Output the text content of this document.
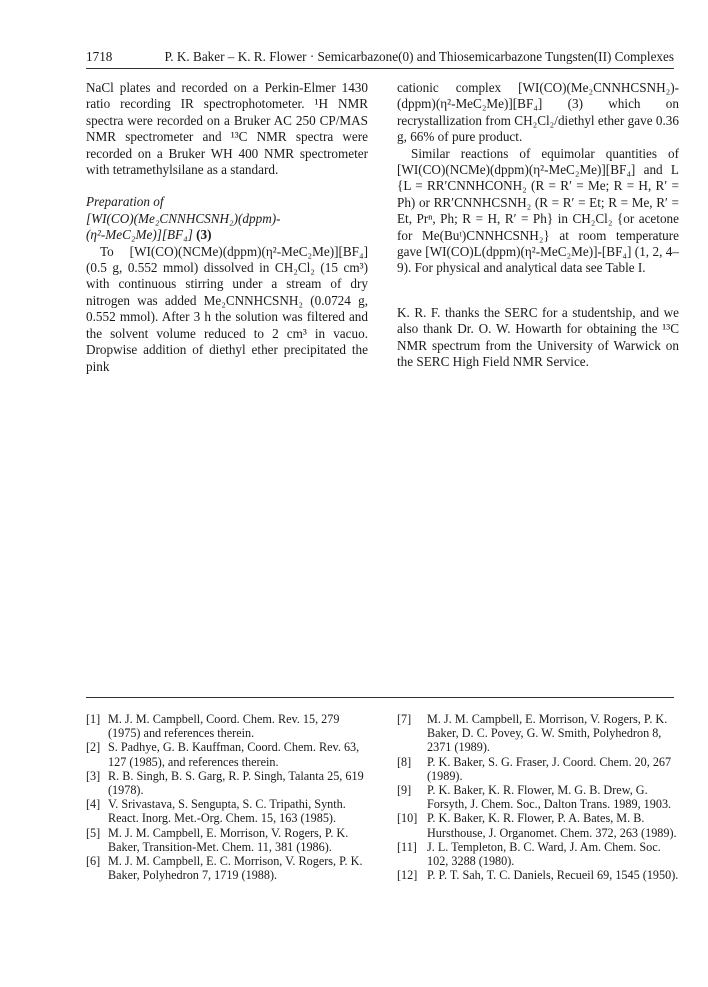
1718	P. K. Baker – K. R. Flower · Semicarbazone(0) and Thiosemicarbazone Tungsten(II) Complexes

NaCl plates and recorded on a Perkin-Elmer 1430 ratio recording IR spectrophotometer. ¹H NMR spectra were recorded on a Bruker AC 250 CP/MAS NMR spectrometer and ¹³C NMR spectra were recorded on a Bruker WH 400 NMR spectrometer with tetramethylsilane as a standard.

Preparation of
[WI(CO)(Me₂CNNHCSNH₂)(dppm)-
(η²-MeC₂Me)][BF₄] (3)

To [WI(CO)(NCMe)(dppm)(η²-MeC₂Me)][BF₄] (0.5 g, 0.552 mmol) dissolved in CH₂Cl₂ (15 cm³) with continuous stirring under a stream of dry nitrogen was added Me₂CNNHCSNH₂ (0.0724 g, 0.552 mmol). After 3 h the solution was filtered and the solvent volume reduced to 2 cm³ in vacuo. Dropwise addition of diethyl ether precipitated the pink

cationic complex [WI(CO)(Me₂CNNHCSNH₂)-(dppm)(η²-MeC₂Me)][BF₄] (3) which on recrystallization from CH₂Cl₂/diethyl ether gave 0.36 g, 66% of pure product.

Similar reactions of equimolar quantities of [WI(CO)(NCMe)(dppm)(η²-MeC₂Me)][BF₄] and L {L = RR′CNNHCONH₂ (R = R′ = Me; R = H, R′ = Ph) or RR′CNNHCSNH₂ (R = R′ = Et; R = Me, R′ = Et, Prⁿ, Ph; R = H, R′ = Ph} in CH₂Cl₂ {or acetone for Me(Buᵗ)CNNHCSNH₂} at room temperature gave [WI(CO)L(dppm)(η²-MeC₂Me)]-[BF₄] (1, 2, 4–9). For physical and analytical data see Table I.

K. R. F. thanks the SERC for a studentship, and we also thank Dr. O. W. Howarth for obtaining the ¹³C NMR spectrum from the University of Warwick on the SERC High Field NMR Service.

[1] M. J. M. Campbell, Coord. Chem. Rev. 15, 279 (1975) and references therein.
[2] S. Padhye, G. B. Kauffman, Coord. Chem. Rev. 63, 127 (1985), and references therein.
[3] R. B. Singh, B. S. Garg, R. P. Singh, Talanta 25, 619 (1978).
[4] V. Srivastava, S. Sengupta, S. C. Tripathi, Synth. React. Inorg. Met.-Org. Chem. 15, 163 (1985).
[5] M. J. M. Campbell, E. Morrison, V. Rogers, P. K. Baker, Transition-Met. Chem. 11, 381 (1986).
[6] M. J. M. Campbell, E. C. Morrison, V. Rogers, P. K. Baker, Polyhedron 7, 1719 (1988).
[7] M. J. M. Campbell, E. Morrison, V. Rogers, P. K. Baker, D. C. Povey, G. W. Smith, Polyhedron 8, 2371 (1989).
[8] P. K. Baker, S. G. Fraser, J. Coord. Chem. 20, 267 (1989).
[9] P. K. Baker, K. R. Flower, M. G. B. Drew, G. Forsyth, J. Chem. Soc., Dalton Trans. 1989, 1903.
[10] P. K. Baker, K. R. Flower, P. A. Bates, M. B. Hursthouse, J. Organomet. Chem. 372, 263 (1989).
[11] J. L. Templeton, B. C. Ward, J. Am. Chem. Soc. 102, 3288 (1980).
[12] P. P. T. Sah, T. C. Daniels, Recueil 69, 1545 (1950).
